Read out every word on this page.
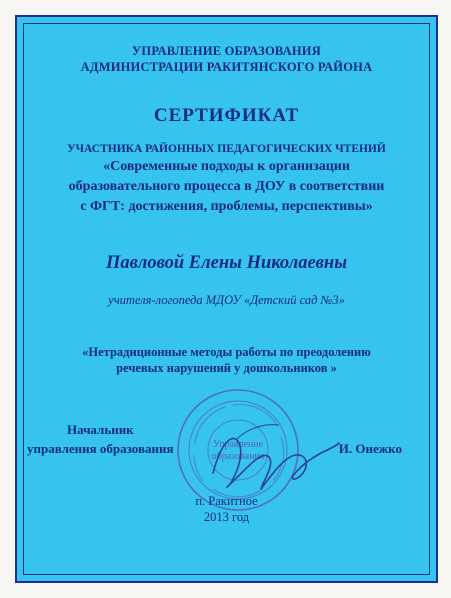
УПРАВЛЕНИЕ ОБРАЗОВАНИЯ
АДМИНИСТРАЦИИ РАКИТЯНСКОГО РАЙОНА
СЕРТИФИКАТ
УЧАСТНИКА РАЙОННЫХ ПЕДАГОГИЧЕСКИХ ЧТЕНИЙ
«Современные подходы к организации
образовательного процесса в ДОУ в соответствии
с ФГТ: достижения, проблемы, перспективы»
Павловой Елены Николаевны
учителя-логопеда МДОУ «Детский сад №3»
«Нетрадиционные методы работы по преодолению
речевых нарушений у дошкольников »
Управление
образования
Начальник
управления образования	И. Онежко
п. Ракитное
2013 год
